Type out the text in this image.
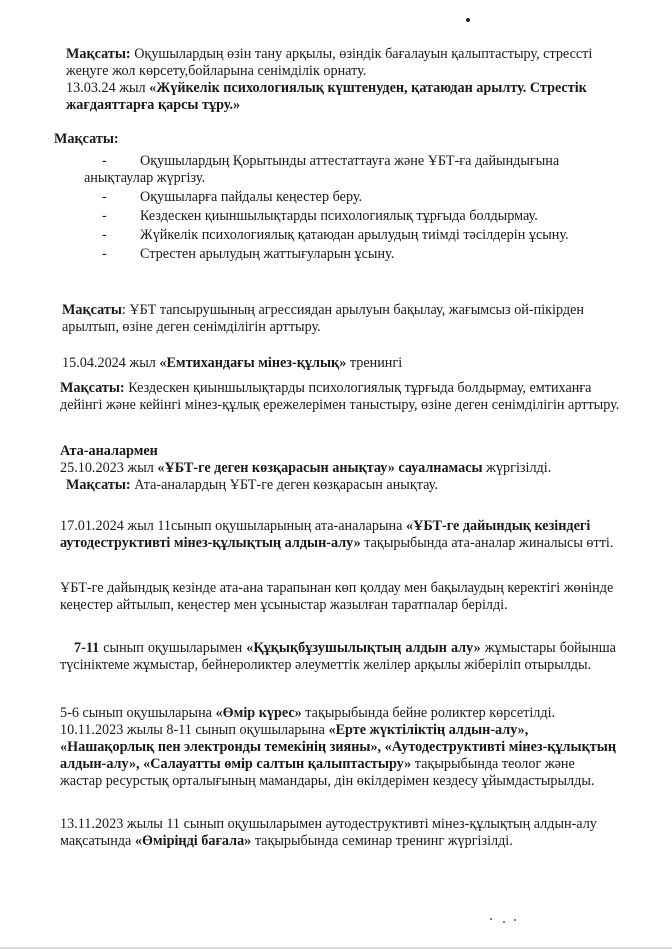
Мақсаты: Оқушылардың өзін тану арқылы, өзіндік бағалауын қалыптастыру, стрессті жеңуге жол көрсету,бойларына сенімділік орнату.

13.03.24 жыл «Жүйкелік психологиялық күштенуден, қатаюдан арылту. Стрестік жағдаяттарға қарсы тұру.»

Мақсаты:

- Оқушылардың Қорытынды аттестаттауға және ҰБТ-ға дайындығына анықтаулар жүргізу.
- Оқушыларға пайдалы кеңестер беру.
- Кездескен қиыншылықтарды психологиялық тұрғыда болдырмау.
- Жүйкелік психологиялық қатаюдан арылудың тиімді тәсілдерін ұсыну.
- Стрестен арылудың жаттығуларын ұсыну.

Мақсаты: ҰБТ тапсырушының агрессиядан арылуын бақылау, жағымсыз ой-пікірден арылтып, өзіне деген сенімділігін арттыру.

15.04.2024 жыл «Емтихандағы мінез-құлық» тренингі

Мақсаты: Кездескен қиыншылықтарды психологиялық тұрғыда болдырмау, емтиханға дейінгі және кейінгі мінез-құлық ережелерімен таныстыру, өзіне деген сенімділігін арттыру.

Ата-аналармен

25.10.2023 жыл «ҰБТ-ге деген көзқарасын анықтау» сауалнамасы жүргізілді.

Мақсаты: Ата-аналардың ҰБТ-ге деген көзқарасын анықтау.

17.01.2024 жыл 11сынып оқушыларының ата-аналарына «ҰБТ-ге дайындық кезіндегі аутодеструктивті мінез-құлықтың алдын-алу» тақырыбында ата-аналар жиналысы өтті.

ҰБТ-ге дайындық кезінде ата-ана тарапынан көп қолдау мен бақылаудың керектігі жөнінде кеңестер айтылып, кеңестер мен ұсыныстар жазылған таратпалар берілді.

7-11 сынып оқушыларымен «Құқықбұзушылықтың алдын алу» жұмыстары бойынша түсініктеме жұмыстар, бейнероликтер әлеуметтік желілер арқылы жіберіліп отырылды.

5-6 сынып оқушыларына «Өмір күрес» тақырыбында бейне роликтер көрсетілді.
10.11.2023 жылы 8-11 сынып оқушыларына «Ерте жүктіліктің алдын-алу», «Нашақорлық пен электронды темекінің зияны», «Аутодеструктивті мінез-құлықтың алдын-алу», «Салауатты өмір салтын қалыптастыру» тақырыбында теолог және жастар ресурстық орталығының мамандары, дін өкілдерімен кездесу ұйымдастырылды.

13.11.2023 жылы 11 сынып оқушыларымен аутодеструктивті мінез-құлықтың алдын-алу мақсатында «Өміріңді бағала» тақырыбында семинар тренинг жүргізілді.
